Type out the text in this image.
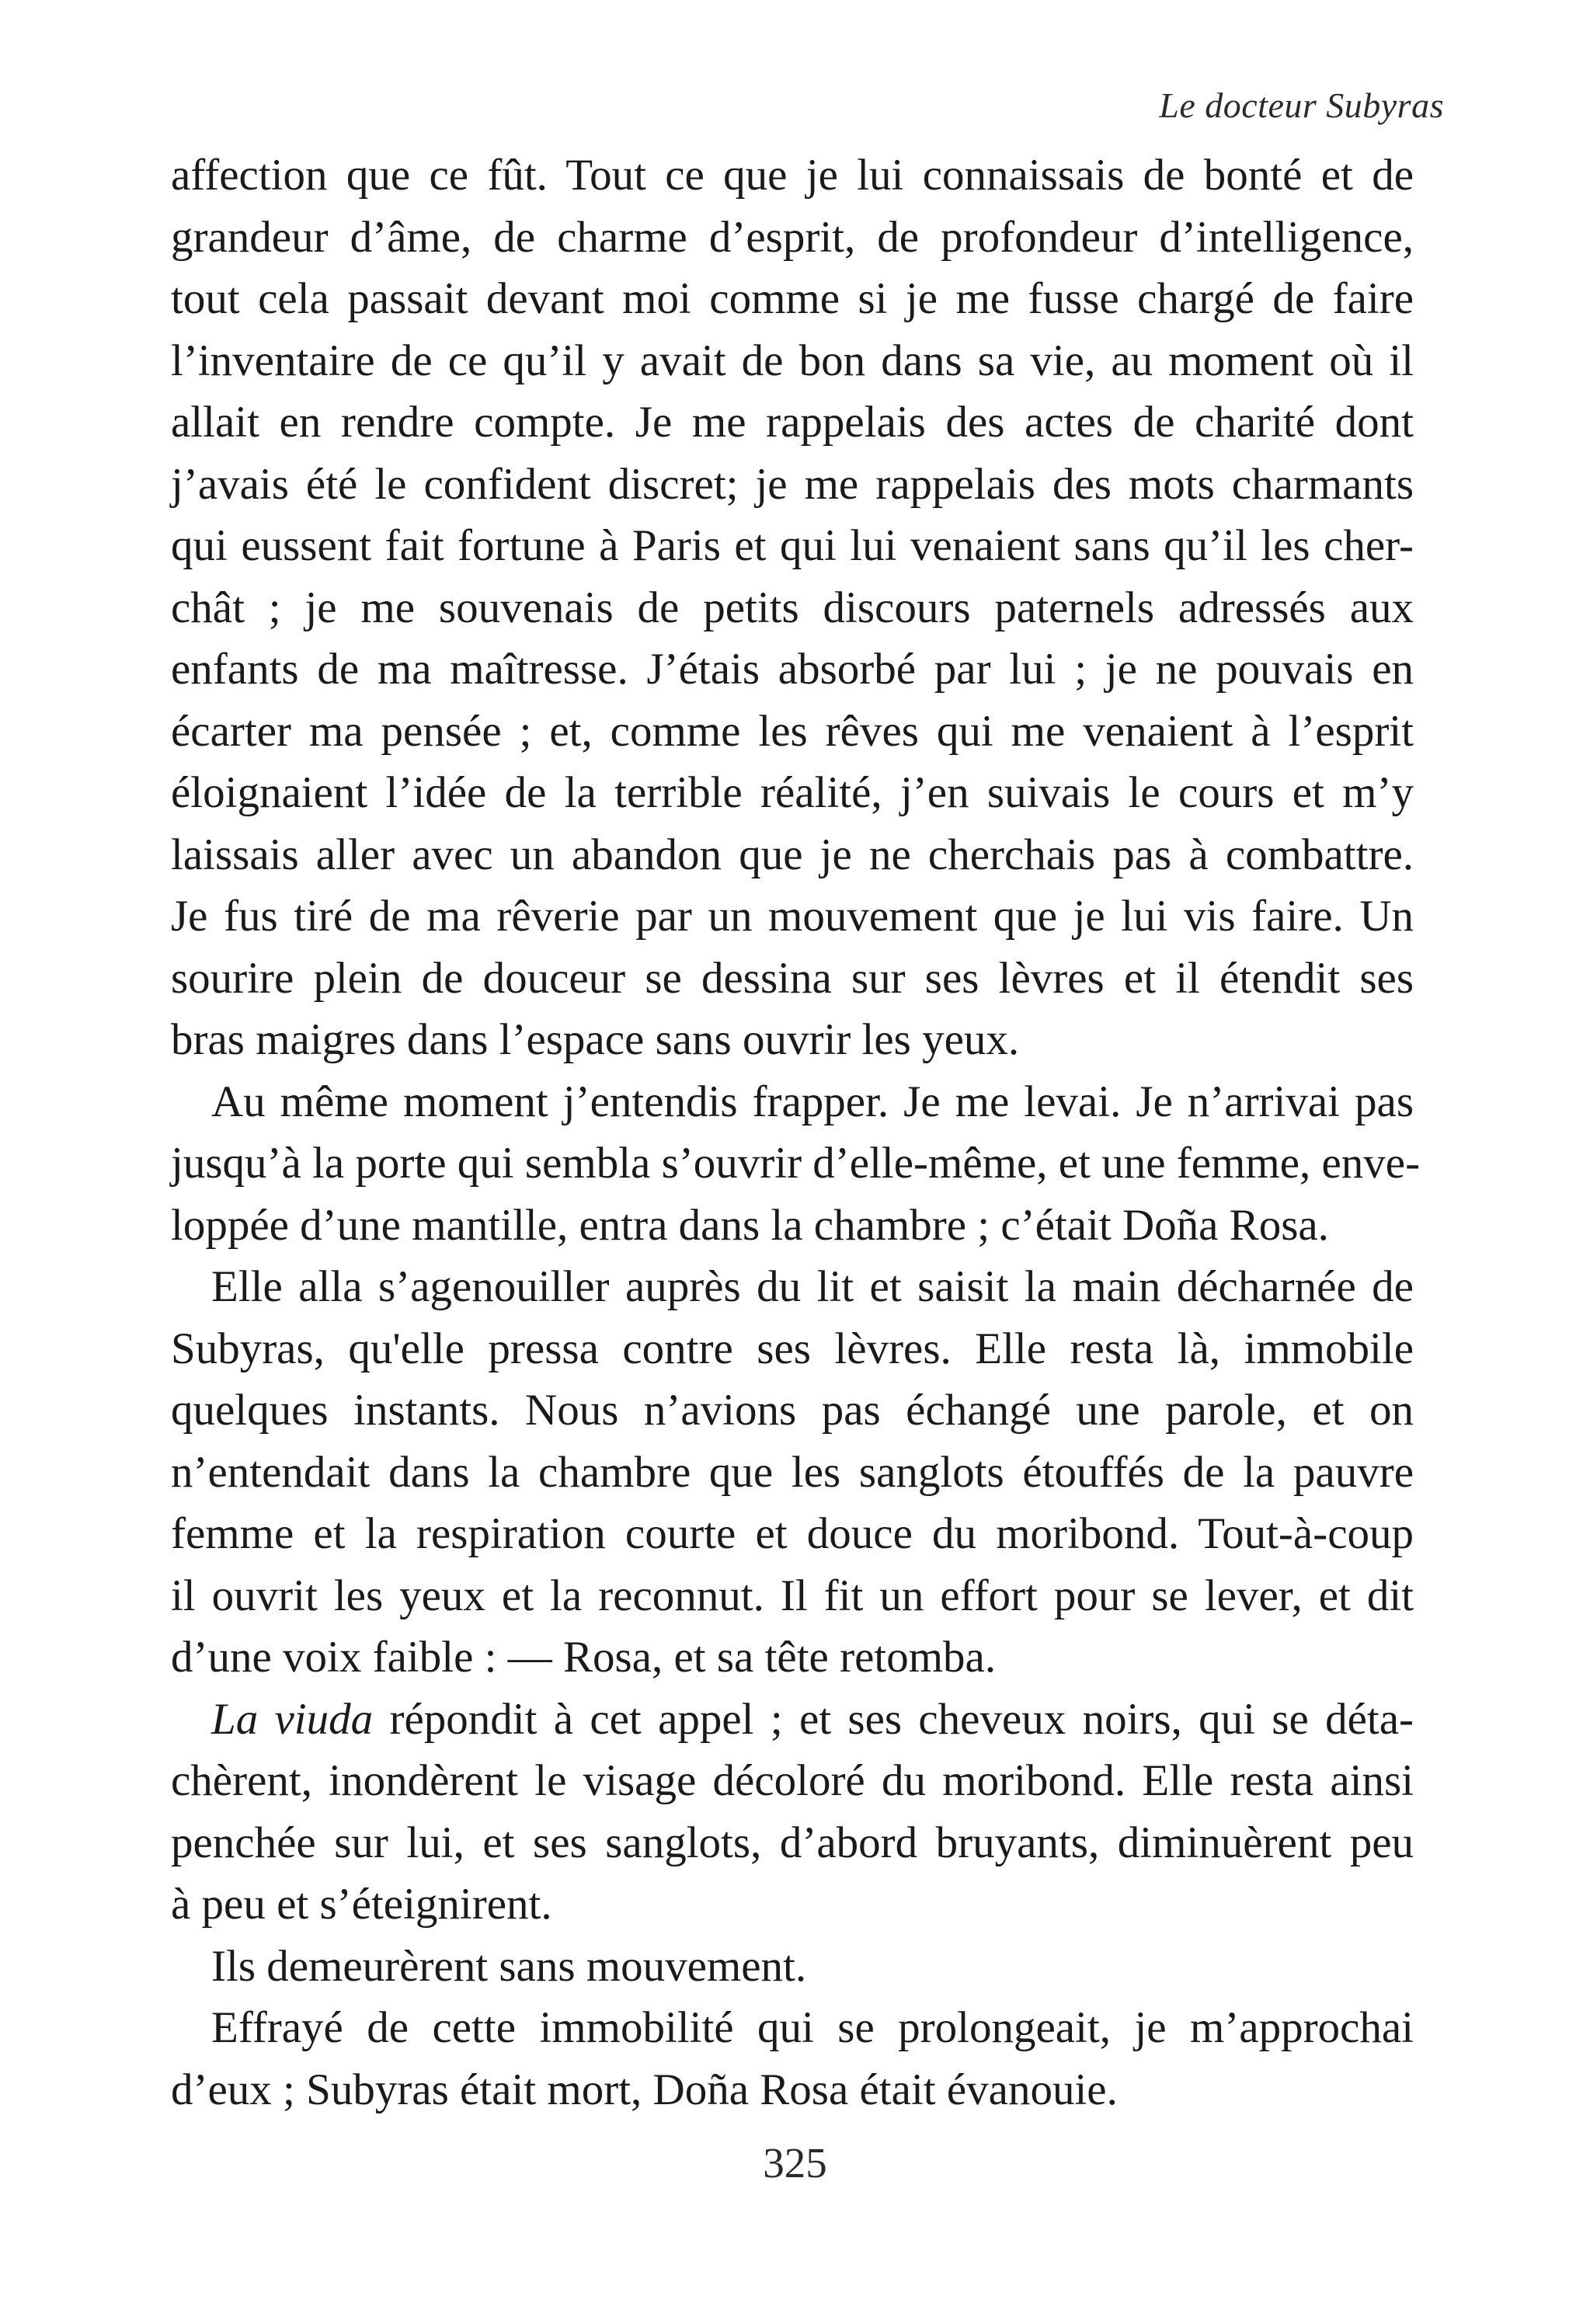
Le docteur Subyras
affection que ce fût. Tout ce que je lui connaissais de bonté et de
grandeur d’âme, de charme d’esprit, de profondeur d’intelligence,
tout cela passait devant moi comme si je me fusse chargé de faire
l’inventaire de ce qu’il y avait de bon dans sa vie, au moment où il
allait en rendre compte. Je me rappelais des actes de charité dont
j’avais été le confident discret; je me rappelais des mots charmants
qui eussent fait fortune à Paris et qui lui venaient sans qu’il les cher-
chât ; je me souvenais de petits discours paternels adressés aux
enfants de ma maîtresse. J’étais absorbé par lui ; je ne pouvais en
écarter ma pensée ; et, comme les rêves qui me venaient à l’esprit
éloignaient l’idée de la terrible réalité, j’en suivais le cours et m’y
laissais aller avec un abandon que je ne cherchais pas à combattre.
Je fus tiré de ma rêverie par un mouvement que je lui vis faire. Un
sourire plein de douceur se dessina sur ses lèvres et il étendit ses
bras maigres dans l’espace sans ouvrir les yeux.
Au même moment j’entendis frapper. Je me levai. Je n’arrivai pas
jusqu’à la porte qui sembla s’ouvrir d’elle-même, et une femme, enve-
loppée d’une mantille, entra dans la chambre ; c’était Doña Rosa.
Elle alla s’agenouiller auprès du lit et saisit la main décharnée de
Subyras, qu'elle pressa contre ses lèvres. Elle resta là, immobile
quelques instants. Nous n’avions pas échangé une parole, et on
n’entendait dans la chambre que les sanglots étouffés de la pauvre
femme et la respiration courte et douce du moribond. Tout-à-coup
il ouvrit les yeux et la reconnut. Il fit un effort pour se lever, et dit
d’une voix faible : — Rosa, et sa tête retomba.
La viuda répondit à cet appel ; et ses cheveux noirs, qui se déta-
chèrent, inondèrent le visage décoloré du moribond. Elle resta ainsi
penchée sur lui, et ses sanglots, d’abord bruyants, diminuèrent peu
à peu et s’éteignirent.
Ils demeurèrent sans mouvement.
Effrayé de cette immobilité qui se prolongeait, je m’approchai
d’eux ; Subyras était mort, Doña Rosa était évanouie.
325
